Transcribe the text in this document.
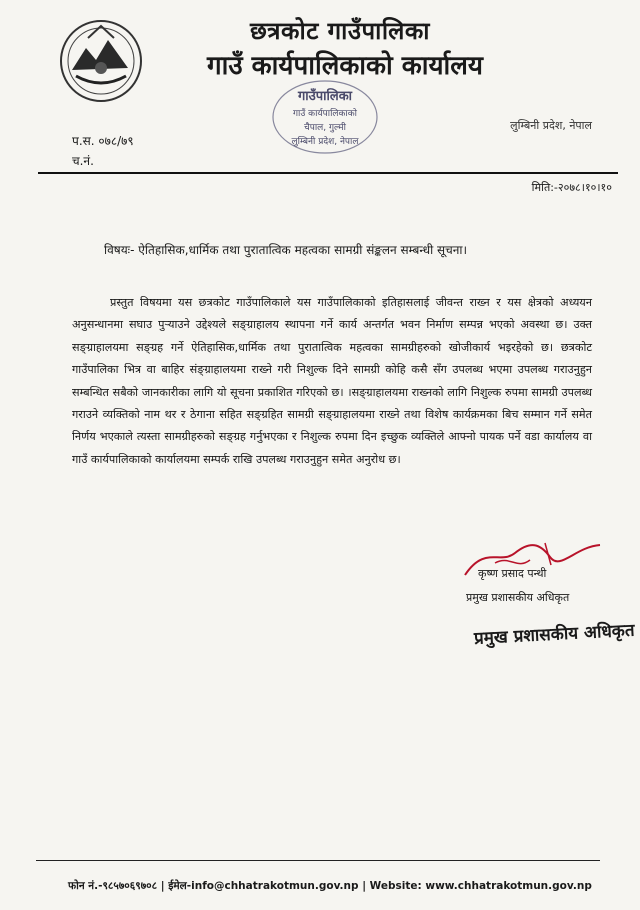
छत्रकोट गाउँपालिका
गाउँ कार्यपालिकाको कार्यालय
गाउँपालिका
गाउँ कार्यपालिकाको
चैपाल, गुल्मी
लुम्बिनी प्रदेश, नेपाल
लुम्बिनी प्रदेश, नेपाल
प.स. ०७८/७९
च.नं.
मिति:-२०७८।१०।१०
विषयः- ऐतिहासिक,धार्मिक तथा पुरातात्विक महत्वका सामग्री संङ्कलन सम्बन्धी सूचना।

प्रस्तुत विषयमा यस छत्रकोट गाउँपालिकाले यस गाउँपालिकाको इतिहासलाई जीवन्त राख्न र यस क्षेत्रको अध्ययन अनुसन्धानमा सघाउ पुऱ्याउने उद्देश्यले सङ्ग्राहालय स्थापना गर्ने कार्य अन्तर्गत भवन निर्माण सम्पन्न भएको अवस्था छ। उक्त सङ्ग्राहालयमा सङ्ग्रह गर्ने ऐतिहासिक,धार्मिक तथा पुरातात्विक महत्वका सामग्रीहरुको खोजीकार्य भइरहेको छ। छत्रकोट गाउँपालिका भित्र वा बाहिर संङ्ग्राहालयमा राख्ने गरी निशुल्क दिने सामग्री कोहि कसै सँग उपलब्ध भएमा उपलब्ध गराउनुहुन सम्बन्धित सबैको जानकारीका लागि यो सूचना प्रकाशित गरिएको छ। ।सङ्ग्राहालयमा राख्नको लागि निशुल्क रुपमा सामग्री उपलब्ध गराउने व्यक्तिको नाम थर र ठेगाना सहित सङ्ग्रहित सामग्री सङ्ग्राहालयमा राख्ने तथा विशेष कार्यक्रमका बिच सम्मान गर्ने समेत निर्णय भएकाले त्यस्ता सामग्रीहरुको सङ्ग्रह गर्नुभएका र निशुल्क रुपमा दिन इच्छुक व्यक्तिले आफ्नो पायक पर्ने वडा कार्यालय वा गाउँ कार्यपालिकाको कार्यालयमा सम्पर्क राखि उपलब्ध गराउनुहुन समेत अनुरोध छ।

कृष्ण प्रसाद पन्थी
प्रमुख प्रशासकीय अधिकृत
प्रमुख प्रशासकीय अधिकृत
फोन नं.-९८५७०६९७०८ | ईमेल-info@chhatrakotmun.gov.np | Website: www.chhatrakotmun.gov.np
